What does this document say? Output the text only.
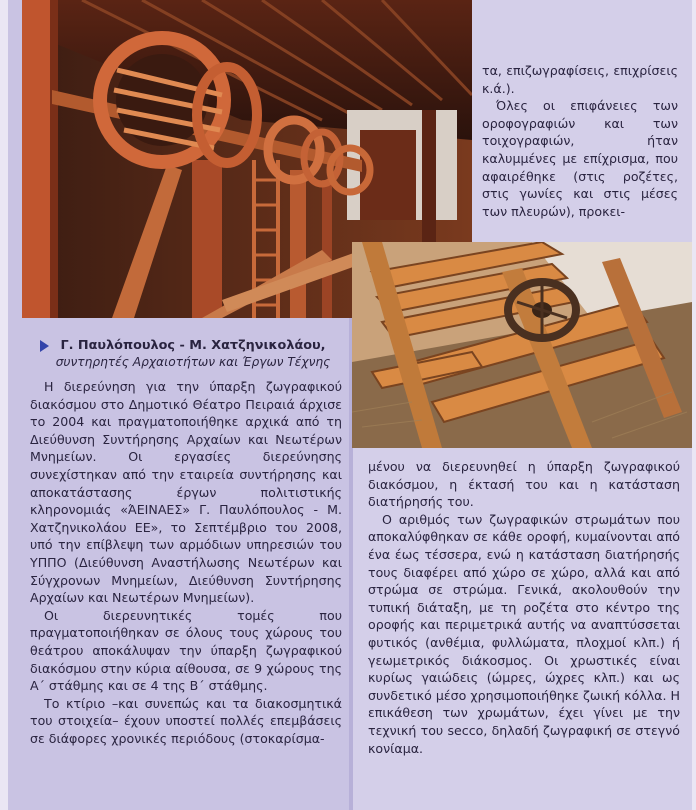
Γ. Παυλόπουλος - Μ. Χατζηνικολάου,
συντηρητές Αρχαιοτήτων και Έργων Τέχνης

Η διερεύνηση για την ύπαρξη ζωγραφικού διακόσμου στο Δημοτικό Θέατρο Πειραιά άρχισε το 2004 και πραγματοποιήθηκε αρχικά από τη Διεύθυνση Συντήρησης Αρχαίων και Νεωτέρων Μνημείων. Οι εργασίες διερεύνησης συνεχίστηκαν από την εταιρεία συντήρησης και αποκατάστασης έργων πολιτιστικής κληρονομιάς «ΆΕΙΝΑΕΣ» Γ. Παυλόπουλος - Μ. Χατζηνικολάου ΕΕ», το Σεπτέμβριο του 2008, υπό την επίβλεψη των αρμόδιων υπηρεσιών του ΥΠΠΟ (Διεύθυνση Αναστήλωσης Νεωτέρων και Σύγχρονων Μνημείων, Διεύθυνση Συντήρησης Αρχαίων και Νεωτέρων Μνημείων).

Οι διερευνητικές τομές που πραγματοποιήθηκαν σε όλους τους χώρους του θεάτρου αποκάλυψαν την ύπαρξη ζωγραφικού διακόσμου στην κύρια αίθουσα, σε 9 χώρους της Α΄ στάθμης και σε 4 της Β΄ στάθμης.

Το κτίριο –και συνεπώς και τα διακοσμητικά του στοιχεία– έχουν υποστεί πολλές επεμβάσεις σε διάφορες χρονικές περιόδους (στοκαρίσμα-

τα, επιζωγραφίσεις, επιχρίσεις κ.ά.).

Όλες οι επιφάνειες των οροφογραφιών και των τοιχογραφιών, ήταν καλυμμένες με επίχρισμα, που αφαιρέθηκε (στις ροζέτες, στις γωνίες και στις μέσες των πλευρών), προκει-

μένου να διερευνηθεί η ύπαρξη ζωγραφικού διακόσμου, η έκτασή του και η κατάσταση διατήρησής του.

Ο αριθμός των ζωγραφικών στρωμάτων που αποκαλύφθηκαν σε κάθε οροφή, κυμαίνονται από ένα έως τέσσερα, ενώ η κατάσταση διατήρησής τους διαφέρει από χώρο σε χώρο, αλλά και από στρώμα σε στρώμα. Γενικά, ακολουθούν την τυπική διάταξη, με τη ροζέτα στο κέντρο της οροφής και περιμετρικά αυτής να αναπτύσσεται φυτικός (ανθέμια, φυλλώματα, πλοχμοί κλπ.) ή γεωμετρικός διάκοσμος. Οι χρωστικές είναι κυρίως γαιώδεις (ώμρες, ώχρες κλπ.) και ως συνδετικό μέσο χρησιμοποιήθηκε ζωική κόλλα. Η επικάθεση των χρωμάτων, έχει γίνει με την τεχνική του secco, δηλαδή ζωγραφική σε στεγνό κονίαμα.
